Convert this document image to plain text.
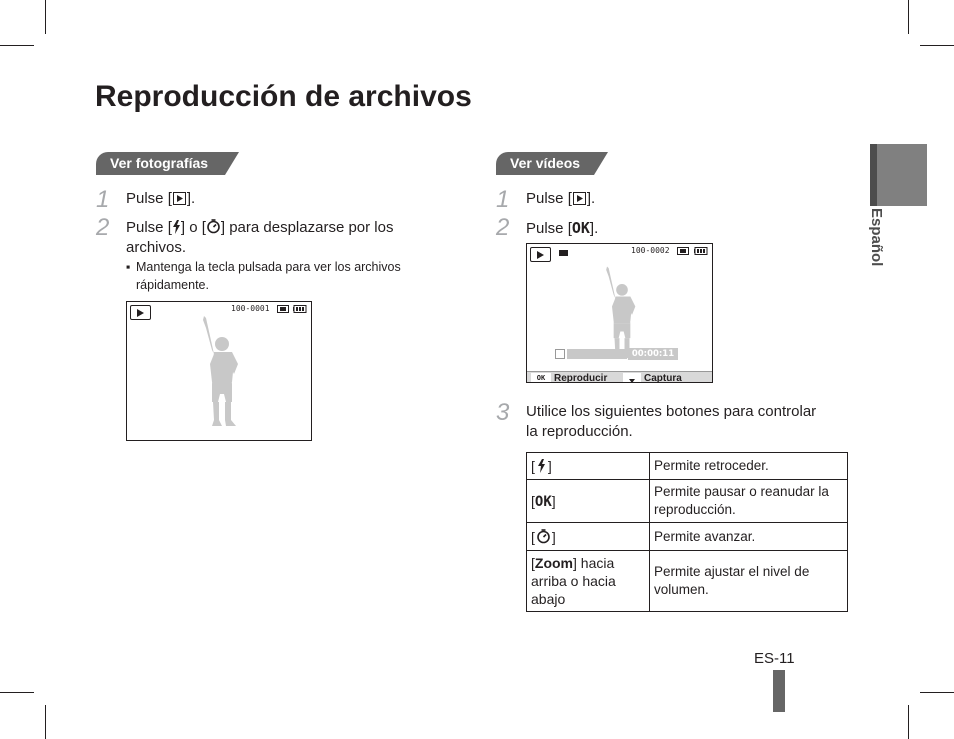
Reproducción de archivos
Español
Ver fotografías
1 Pulse [ ].
2 Pulse [ ] o [ ] para desplazarse por los
archivos.
▪ Mantenga la tecla pulsada para ver los archivos
rápidamente.
100-0001
Ver vídeos
1 Pulse [ ].
2 Pulse [OK].
100-0002
00:00:11
OK Reproducir	Captura
3 Utilice los siguientes botones para controlar
la reproducción.
[ ]	Permite retroceder.
[OK]	Permite pausar o reanudar la
reproducción.
[ ]	Permite avanzar.
[Zoom] hacia
arriba o hacia
abajo	Permite ajustar el nivel de
volumen.
ES-11
